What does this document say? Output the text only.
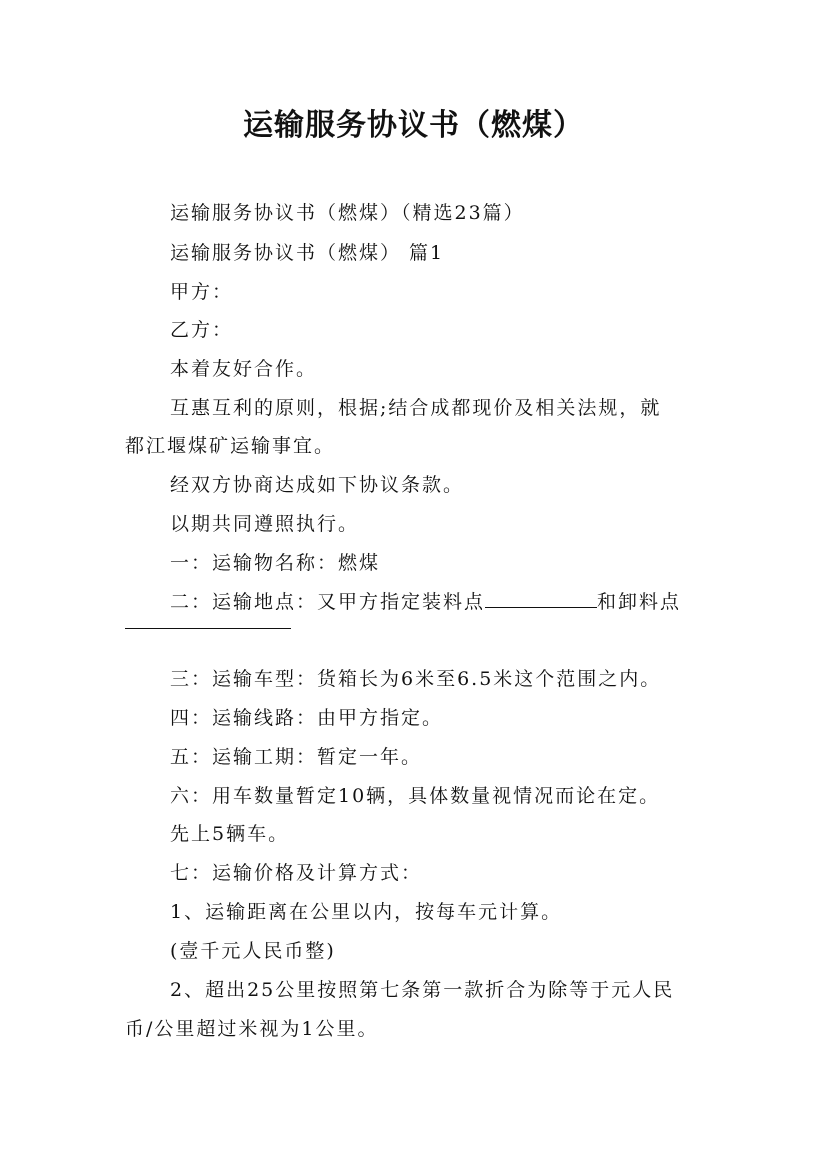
运输服务协议书（燃煤）
运输服务协议书（燃煤）（精选23篇）
运输服务协议书（燃煤） 篇1
甲方：
乙方：
本着友好合作。
互惠互利的原则，根据;结合成都现价及相关法规，就
都江堰煤矿运输事宜。
经双方协商达成如下协议条款。
以期共同遵照执行。
一：运输物名称：燃煤
二：运输地点：又甲方指定装料点	和卸料点
三：运输车型：货箱长为6米至6.5米这个范围之内。
四：运输线路：由甲方指定。
五：运输工期：暂定一年。
六：用车数量暂定10辆，具体数量视情况而论在定。
先上5辆车。
七：运输价格及计算方式：
1、运输距离在公里以内，按每车元计算。
(壹千元人民币整)
2、超出25公里按照第七条第一款折合为除等于元人民
币/公里超过米视为1公里。
